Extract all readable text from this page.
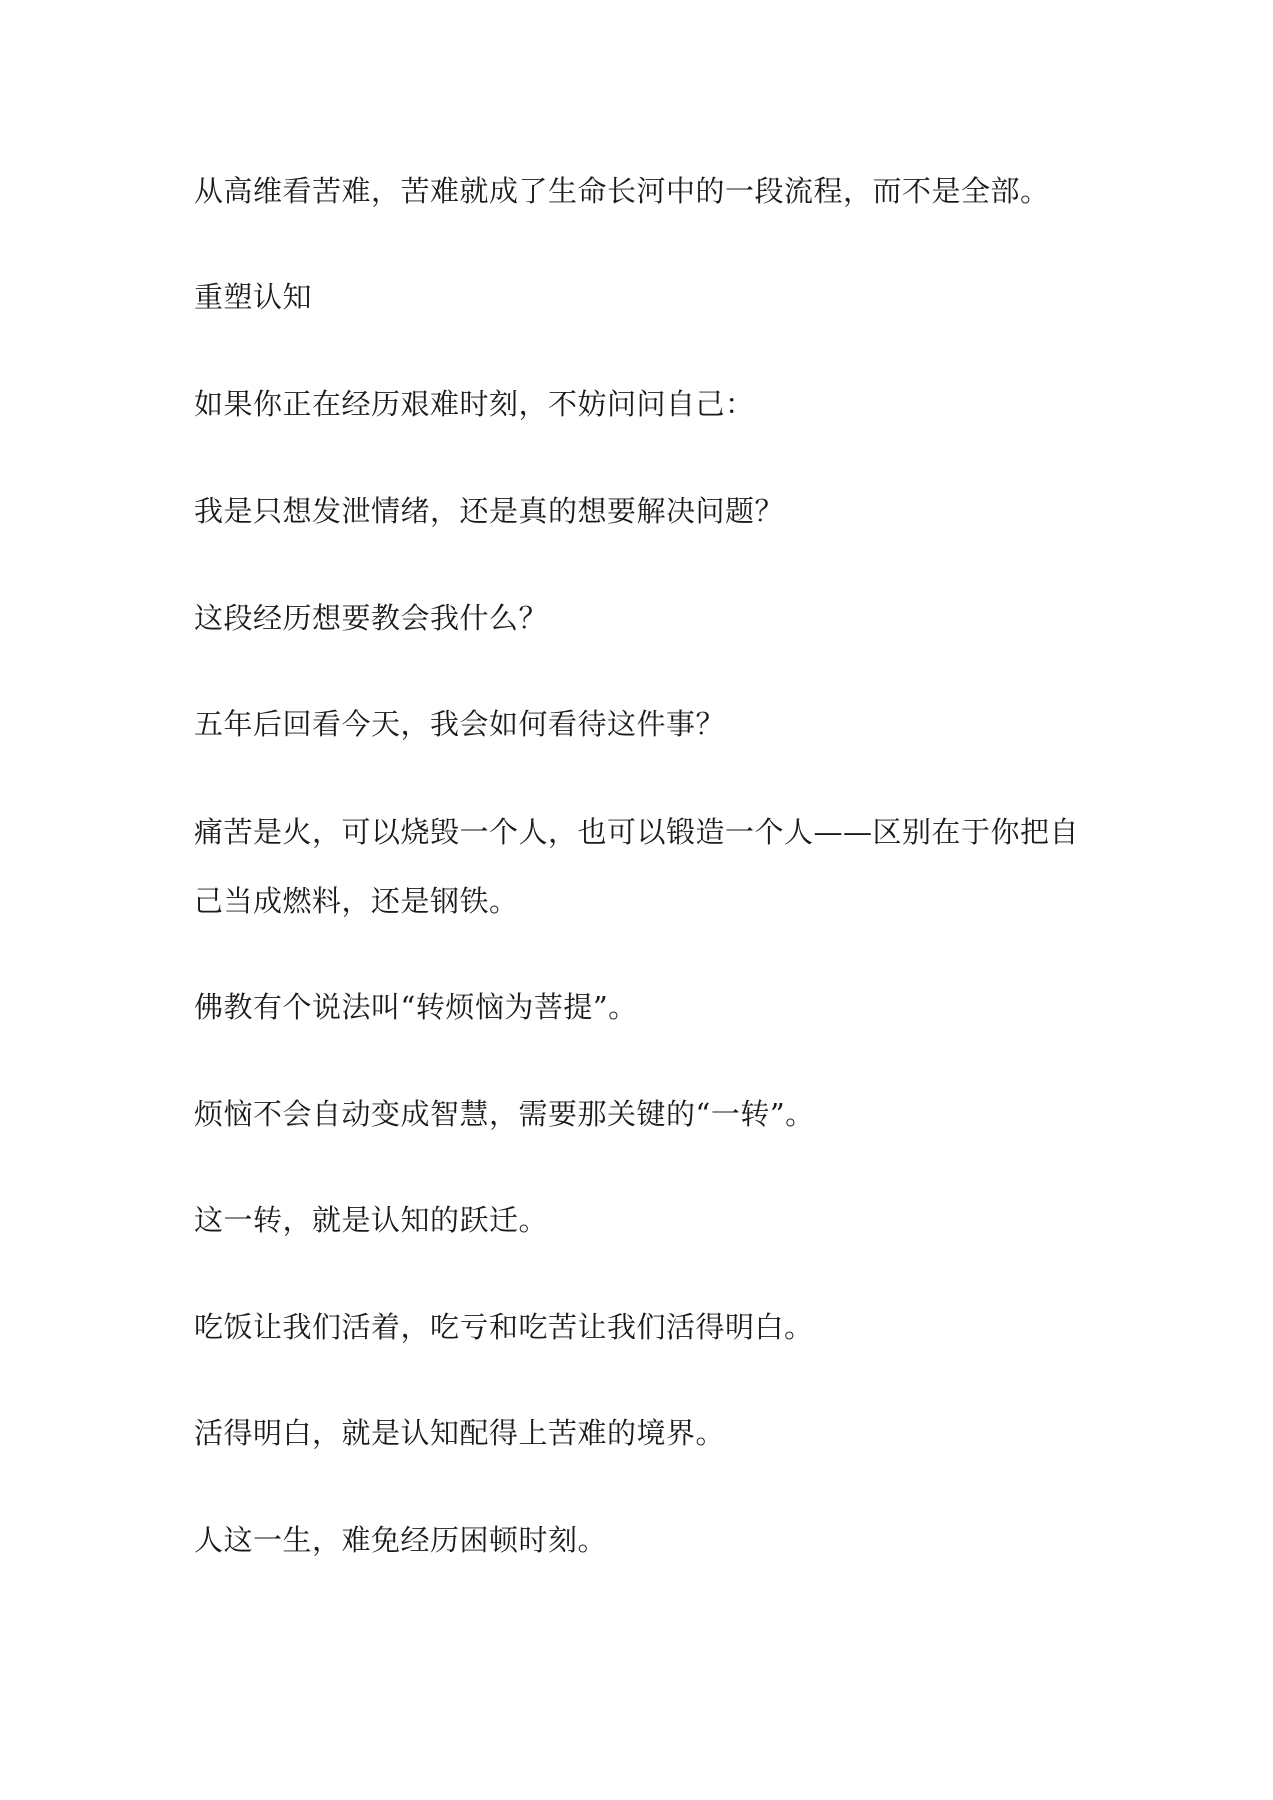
从高维看苦难，苦难就成了生命长河中的一段流程，而不是全部。

重塑认知

如果你正在经历艰难时刻，不妨问问自己：

我是只想发泄情绪，还是真的想要解决问题？

这段经历想要教会我什么？

五年后回看今天，我会如何看待这件事？

痛苦是火，可以烧毁一个人，也可以锻造一个人——区别在于你把自

己当成燃料，还是钢铁。

佛教有个说法叫“转烦恼为菩提”。

烦恼不会自动变成智慧，需要那关键的“一转”。

这一转，就是认知的跃迁。

吃饭让我们活着，吃亏和吃苦让我们活得明白。

活得明白，就是认知配得上苦难的境界。

人这一生，难免经历困顿时刻。
